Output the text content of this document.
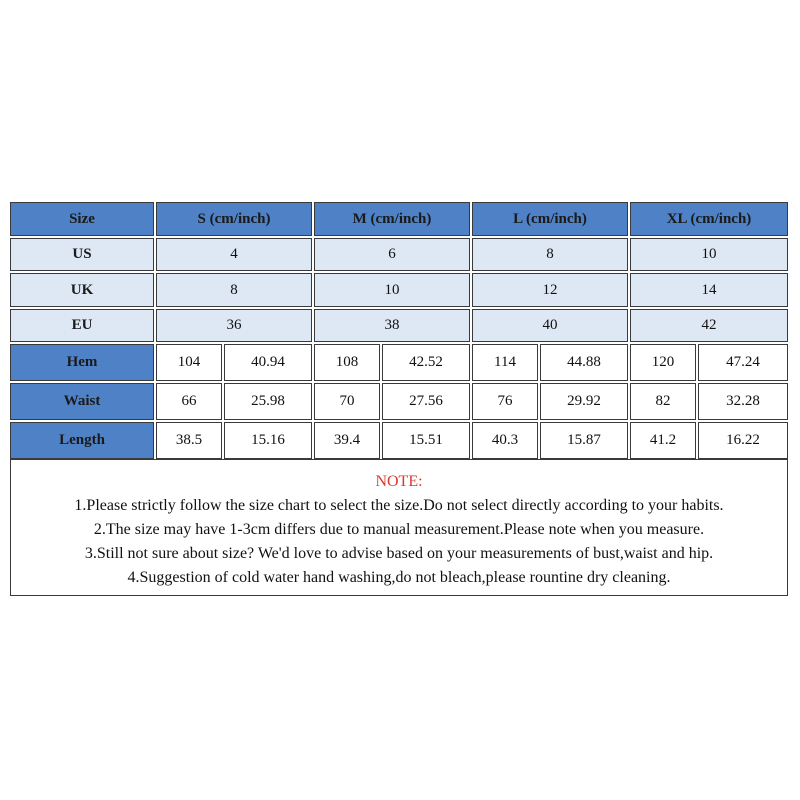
Size	S (cm/inch)	M (cm/inch)	L (cm/inch)	XL (cm/inch)
US	4	6	8	10
UK	8	10	12	14
EU	36	38	40	42
Hem	104	40.94	108	42.52	114	44.88	120	47.24
Waist	66	25.98	70	27.56	76	29.92	82	32.28
Length	38.5	15.16	39.4	15.51	40.3	15.87	41.2	16.22
NOTE:
1.Please strictly follow the size chart to select the size.Do not select directly according to your habits.
2.The size may have 1-3cm differs due to manual measurement.Please note when you measure.
3.Still not sure about size? We'd love to advise based on your measurements of bust,waist and hip.
4.Suggestion of cold water hand washing,do not bleach,please rountine dry cleaning.
